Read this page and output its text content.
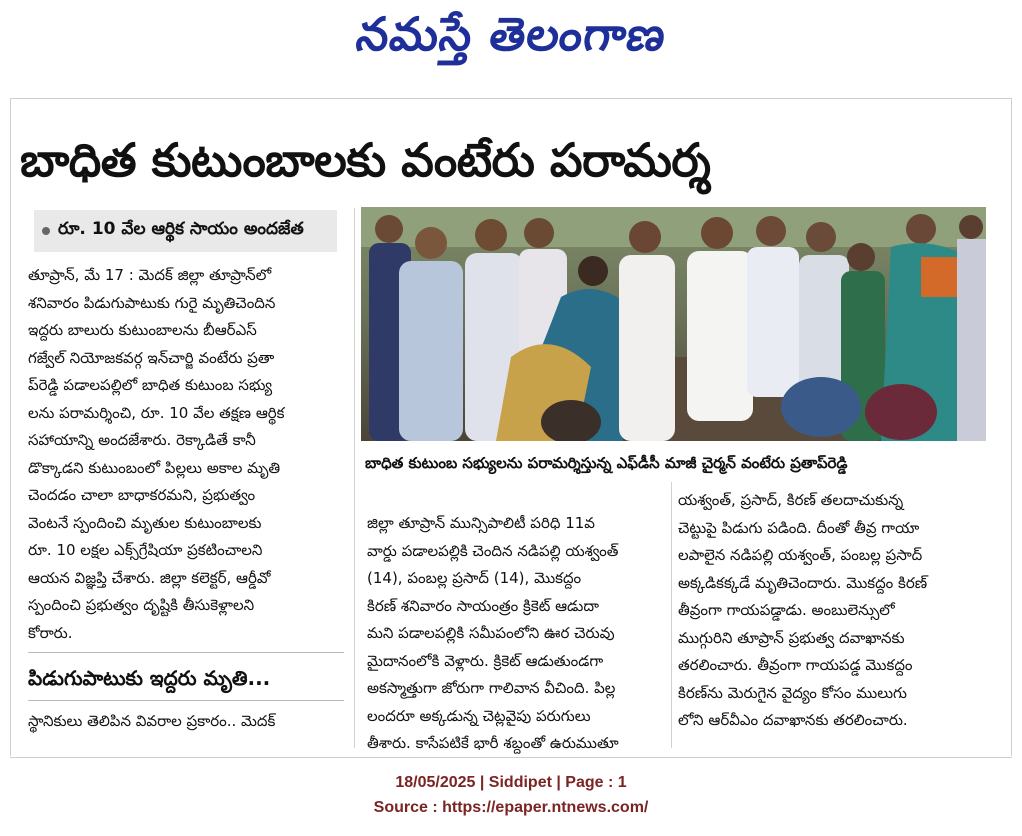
నమస్తే తెలంగాణ
బాధిత కుటుంబాలకు వంటేరు పరామర్శ
రూ. 10 వేల ఆర్థిక సాయం అందజేత
బాధిత కుటుంబ సభ్యులను పరామర్శిస్తున్న ఎఫ్‌డీసీ మాజీ చైర్మన్ వంటేరు ప్రతాప్‌రెడ్డి

తూప్రాన్, మే 17 : మెదక్ జిల్లా తూప్రాన్‌లో

శనివారం పిడుగుపాటుకు గురై మృతిచెందిన

ఇద్దరు బాలురు కుటుంబాలను బీఆర్‌ఎస్

గజ్వేల్ నియోజకవర్గ ఇన్‌చార్జి వంటేరు ప్రతా

ప్‌రెడ్డి పడాలపల్లిలో బాధిత కుటుంబ సభ్యు

లను పరామర్శించి, రూ. 10 వేల తక్షణ ఆర్థిక

సహాయాన్ని అందజేశారు. రెక్కాడితే కానీ

డొక్కాడని కుటుంబంలో పిల్లలు అకాల మృతి

చెందడం చాలా బాధాకరమని, ప్రభుత్వం

వెంటనే స్పందించి మృతుల కుటుంబాలకు

రూ. 10 లక్షల ఎక్స్‌గ్రేషియా ప్రకటించాలని

ఆయన విజ్ఞప్తి చేశారు. జిల్లా కలెక్టర్, ఆర్డీవో

స్పందించి ప్రభుత్వం దృష్టికి తీసుకెళ్లాలని

కోరారు.

పిడుగుపాటుకు ఇద్దరు మృతి...
స్థానికులు తెలిపిన వివరాల ప్రకారం.. మెదక్

జిల్లా తూప్రాన్ మున్సిపాలిటీ పరిధి 11వ

వార్డు పడాలపల్లికి చెందిన నడిపల్లి యశ్వంత్

(14), పంబల్ల ప్రసాద్ (14), మొకద్దం

కిరణ్ శనివారం సాయంత్రం క్రికెట్ ఆడుదా

మని పడాలపల్లికి సమీపంలోని ఊర చెరువు

మైదానంలోకి వెళ్లారు. క్రికెట్ ఆడుతుండగా

అకస్మాత్తుగా జోరుగా గాలివాన వీచింది. పిల్ల

లందరూ అక్కడున్న చెట్లవైపు పరుగులు

తీశారు. కాసేపటికే భారీ శబ్దంతో ఉరుముతూ

యశ్వంత్, ప్రసాద్, కిరణ్ తలదాచుకున్న

చెట్టుపై పిడుగు పడింది. దీంతో తీవ్ర గాయా

లపాలైన నడిపల్లి యశ్వంత్, పంబల్ల ప్రసాద్

అక్కడికక్కడే మృతిచెందారు. మొకద్దం కిరణ్

తీవ్రంగా గాయపడ్డాడు. అంబులెన్సులో

ముగ్గురిని తూప్రాన్ ప్రభుత్వ దవాఖానకు

తరలించారు. తీవ్రంగా గాయపడ్డ మొకద్దం

కిరణ్‌ను మెరుగైన వైద్యం కోసం ములుగు

లోని ఆర్‌వీఎం దవాఖానకు తరలించారు.

18/05/2025 | Siddipet | Page : 1
Source : https://epaper.ntnews.com/
